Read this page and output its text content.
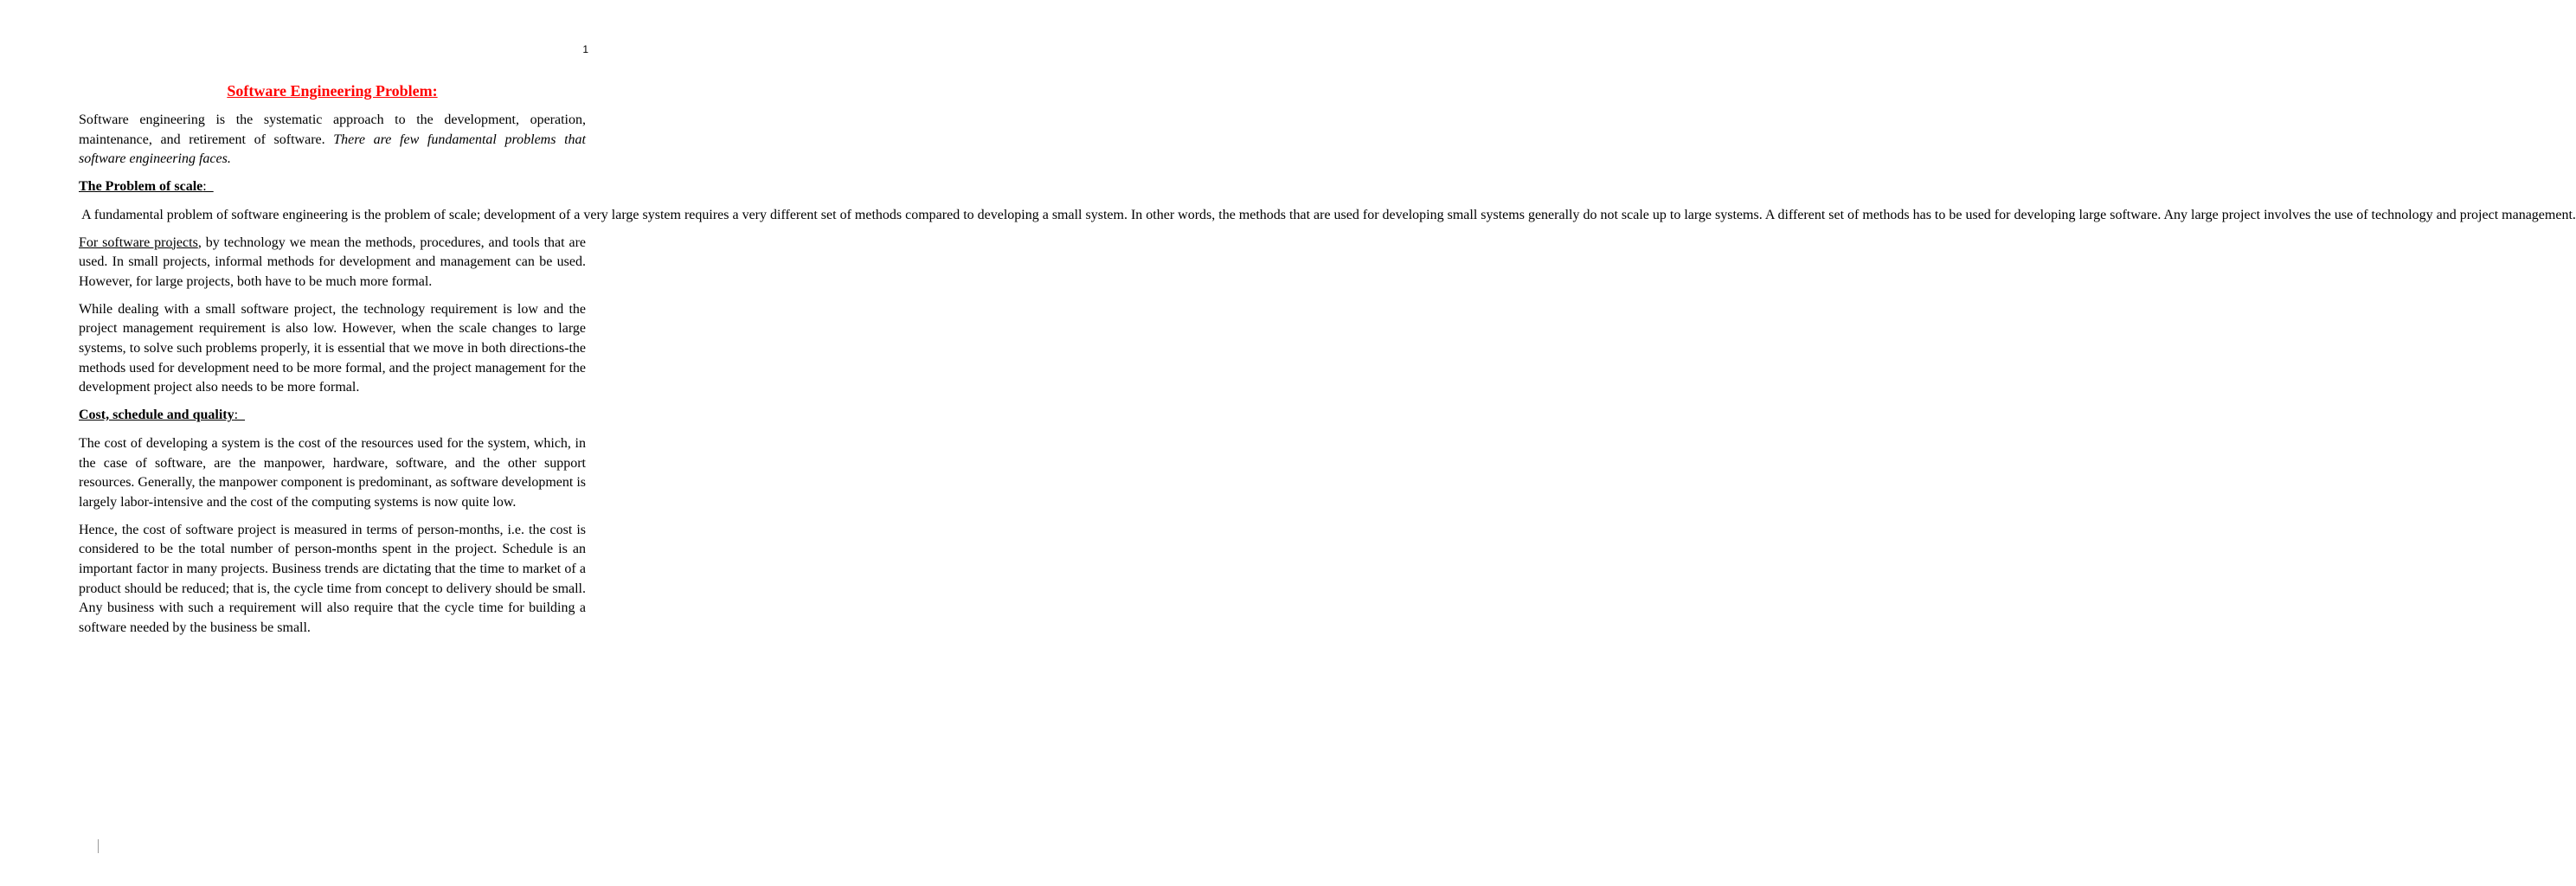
1
Software Engineering Problem:

Software engineering is the systematic approach to the development, operation, maintenance, and retirement of software. There are few fundamental problems that software engineering faces.

The Problem of scale:

A fundamental problem of software engineering is the problem of scale; development of a very large system requires a very different set of methods compared to developing a small system. In other words, the methods that are used for developing small systems generally do not scale up to large systems. A different set of methods has to be used for developing large software. Any large project involves the use of technology and project management.

For software projects, by technology we mean the methods, procedures, and tools that are used. In small projects, informal methods for development and management can be used. However, for large projects, both have to be much more formal.

While dealing with a small software project, the technology requirement is low and the project management requirement is also low. However, when the scale changes to large systems, to solve such problems properly, it is essential that we move in both directions-the methods used for development need to be more formal, and the project management for the development project also needs to be more formal.

Cost, schedule and quality:

The cost of developing a system is the cost of the resources used for the system, which, in the case of software, are the manpower, hardware, software, and the other support resources. Generally, the manpower component is predominant, as software development is largely labor-intensive and the cost of the computing systems is now quite low.

Hence, the cost of software project is measured in terms of person-months, i.e. the cost is considered to be the total number of person-months spent in the project. Schedule is an important factor in many projects. Business trends are dictating that the time to market of a product should be reduced; that is, the cycle time from concept to delivery should be small. Any business with such a requirement will also require that the cycle time for building a software needed by the business be small.
